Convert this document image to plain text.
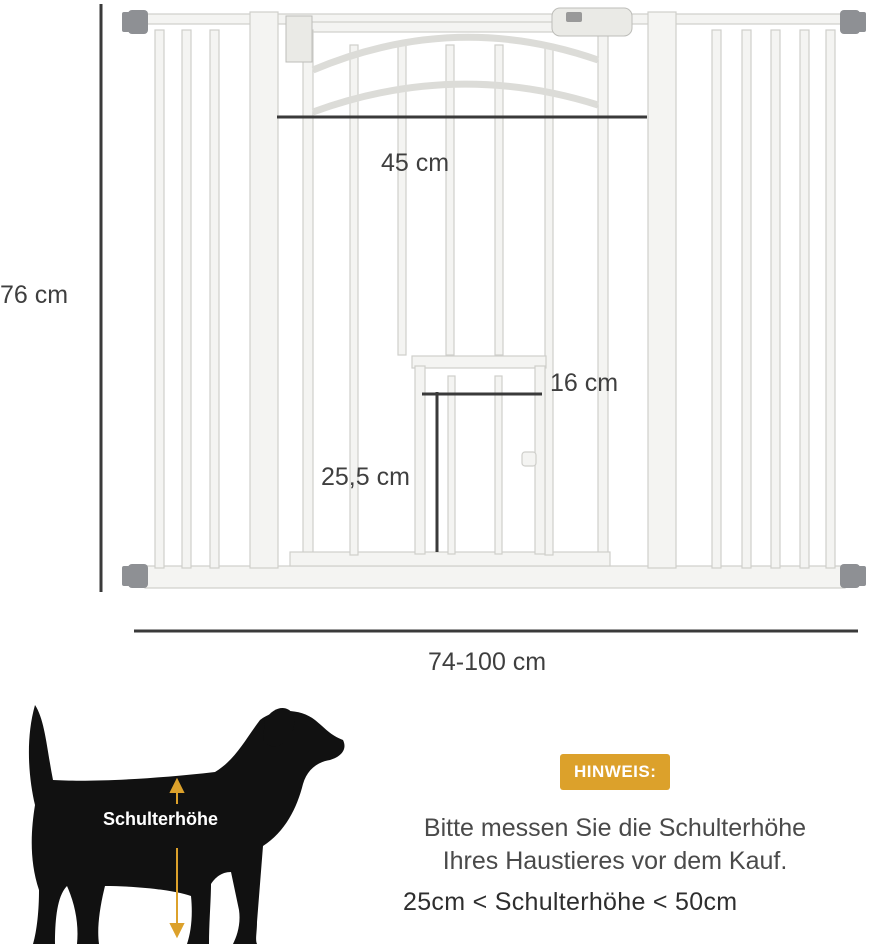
76 cm
74-100 cm
45 cm
16 cm
25,5 cm
Schulterhöhe
HINWEIS:
Bitte messen Sie die Schulterhöhe
Ihres Haustieres vor dem Kauf.
25cm < Schulterhöhe < 50cm
